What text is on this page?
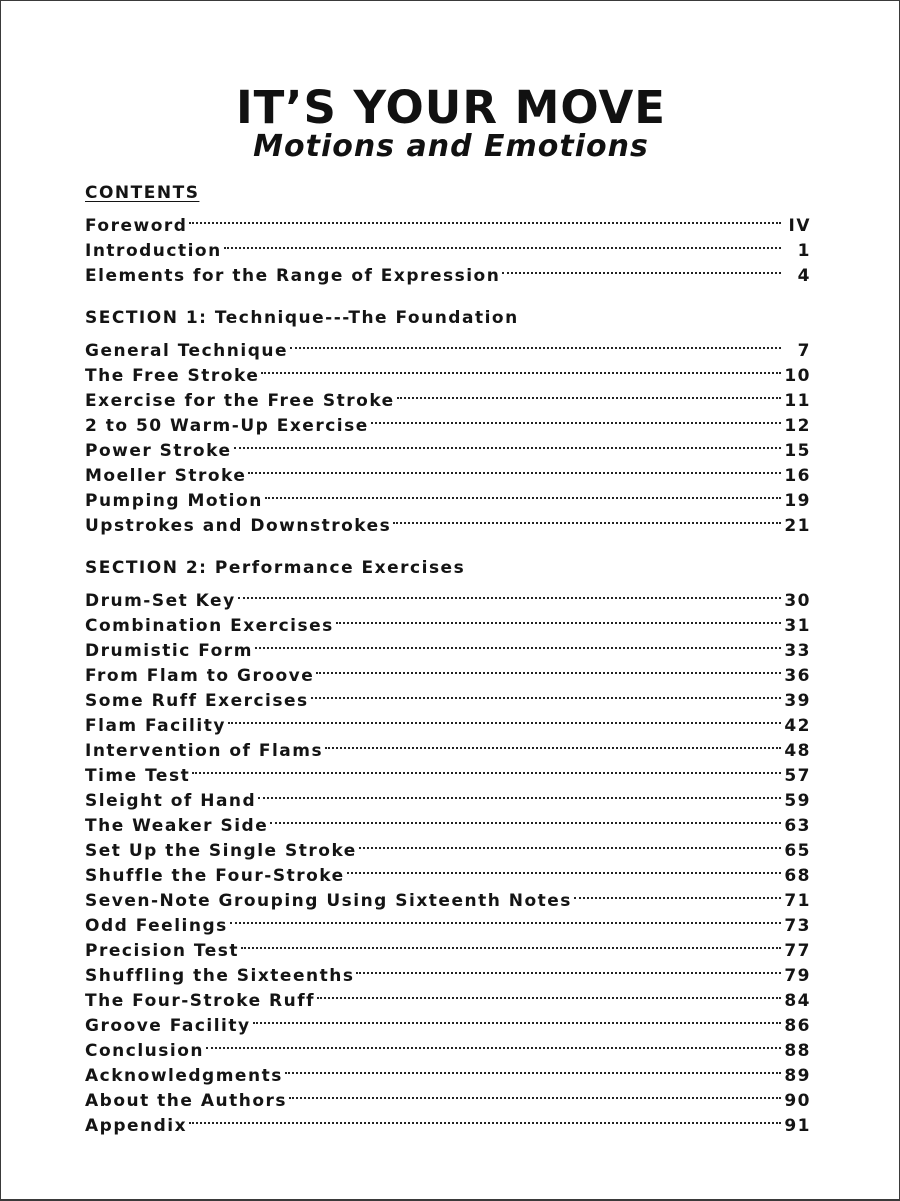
IT’S YOUR MOVE
Motions and Emotions
CONTENTS
Foreword	IV
Introduction	1
Elements for the Range of Expression	4
SECTION 1: Technique---The Foundation
General Technique	7
The Free Stroke	10
Exercise for the Free Stroke	11
2 to 50 Warm-Up Exercise	12
Power Stroke	15
Moeller Stroke	16
Pumping Motion	19
Upstrokes and Downstrokes	21
SECTION 2: Performance Exercises
Drum-Set Key	30
Combination Exercises	31
Drumistic Form	33
From Flam to Groove	36
Some Ruff Exercises	39
Flam Facility	42
Intervention of Flams	48
Time Test	57
Sleight of Hand	59
The Weaker Side	63
Set Up the Single Stroke	65
Shuffle the Four-Stroke	68
Seven-Note Grouping Using Sixteenth Notes	71
Odd Feelings	73
Precision Test	77
Shuffling the Sixteenths	79
The Four-Stroke Ruff	84
Groove Facility	86
Conclusion	88
Acknowledgments	89
About the Authors	90
Appendix	91
